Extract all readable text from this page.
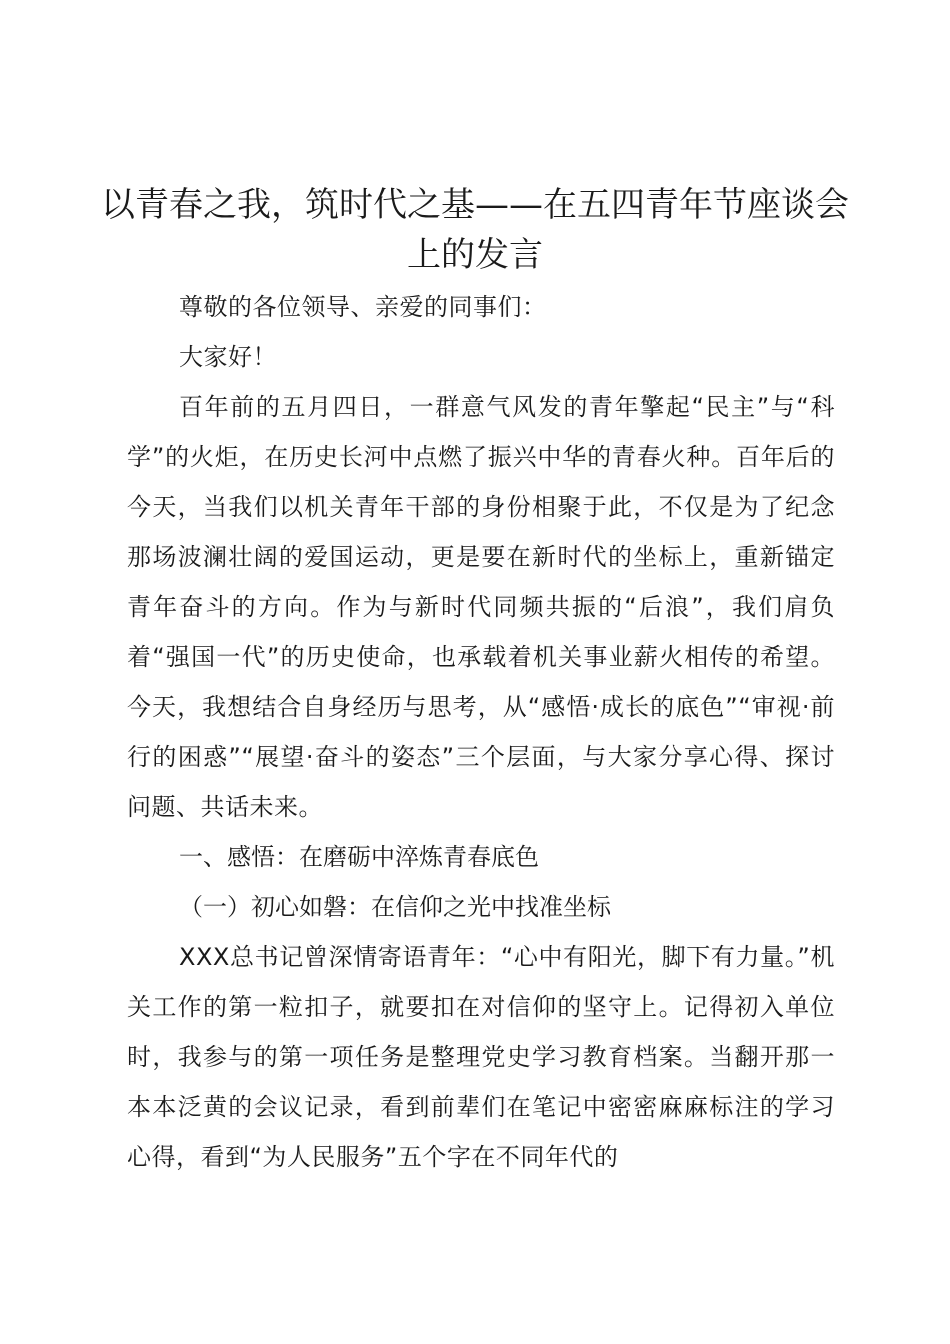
以青春之我，筑时代之基——在五四青年节座谈会上的发言

尊敬的各位领导、亲爱的同事们：

大家好！

百年前的五月四日，一群意气风发的青年擎起“民主”与“科学”的火炬，在历史长河中点燃了振兴中华的青春火种。百年后的今天，当我们以机关青年干部的身份相聚于此，不仅是为了纪念那场波澜壮阔的爱国运动，更是要在新时代的坐标上，重新锚定青年奋斗的方向。作为与新时代同频共振的“后浪”，我们肩负着“强国一代”的历史使命，也承载着机关事业薪火相传的希望。今天，我想结合自身经历与思考，从“感悟·成长的底色”“审视·前行的困惑”“展望·奋斗的姿态”三个层面，与大家分享心得、探讨问题、共话未来。

一、感悟：在磨砺中淬炼青春底色

（一）初心如磐：在信仰之光中找准坐标

XXX总书记曾深情寄语青年：“心中有阳光，脚下有力量。”机关工作的第一粒扣子，就要扣在对信仰的坚守上。记得初入单位时，我参与的第一项任务是整理党史学习教育档案。当翻开那一本本泛黄的会议记录，看到前辈们在笔记中密密麻麻标注的学习心得，看到“为人民服务”五个字在不同年代的
